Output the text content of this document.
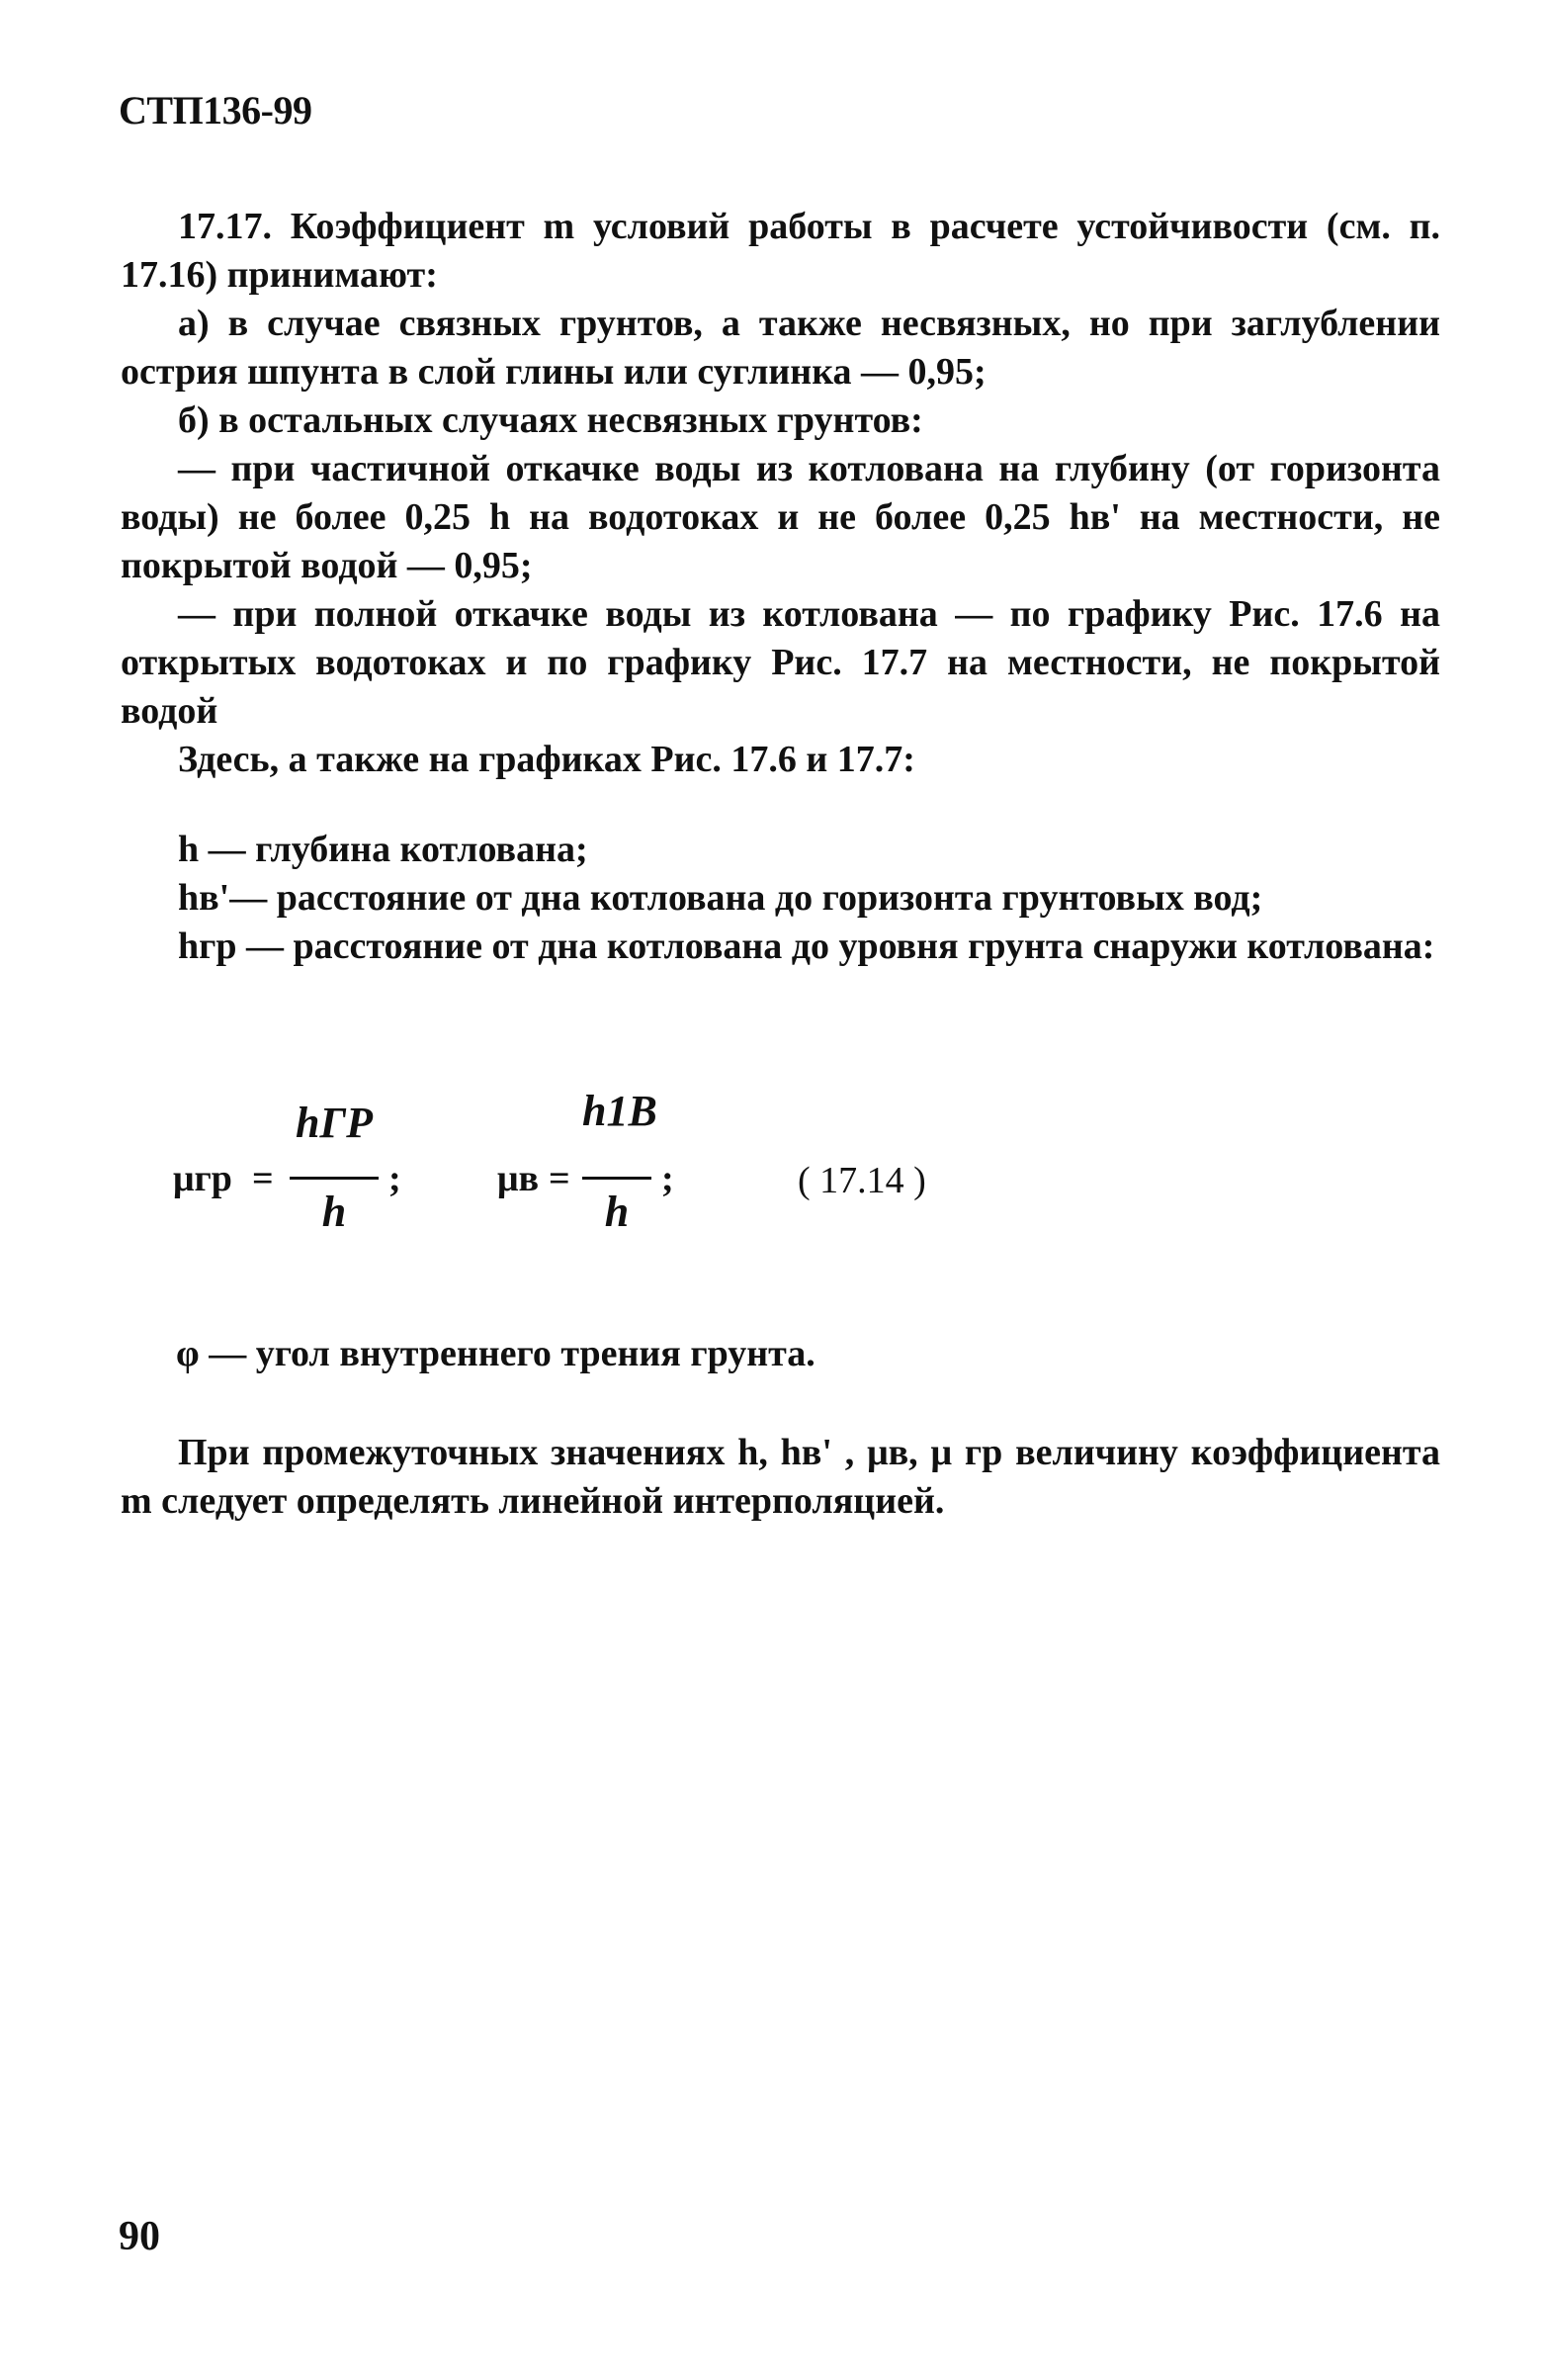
СТП136-99

17.17. Коэффициент m условий работы в расчете устойчивости (см. п. 17.16) принимают:

а) в случае связных грунтов, а также несвязных, но при заглублении острия шпунта в слой глины или суглинка — 0,95;

б) в остальных случаях несвязных грунтов:

— при частичной откачке воды из котлована на глубину (от горизонта воды) не более 0,25 h на водотоках и не более 0,25 hв' на местности, не покрытой водой — 0,95;

— при полной откачке воды из котлована — по графику Рис. 17.6 на открытых водотоках и по графику Рис. 17.7 на местности, не покрытой водой

Здесь, а также на графиках Рис. 17.6 и 17.7:

h — глубина котлована;

hв'— расстояние от дна котлована до горизонта грунтовых вод;

hгр — расстояние от дна котлована до уровня грунта снаружи котлована:

μгр =
hГР
h
;	μв =
h1В
h
;	( 17.14 )
φ — угол внутреннего трения грунта.

При промежуточных значениях h, hв' , μв, μ гр величину коэффициента m следует определять линейной интерполяцией.

90
